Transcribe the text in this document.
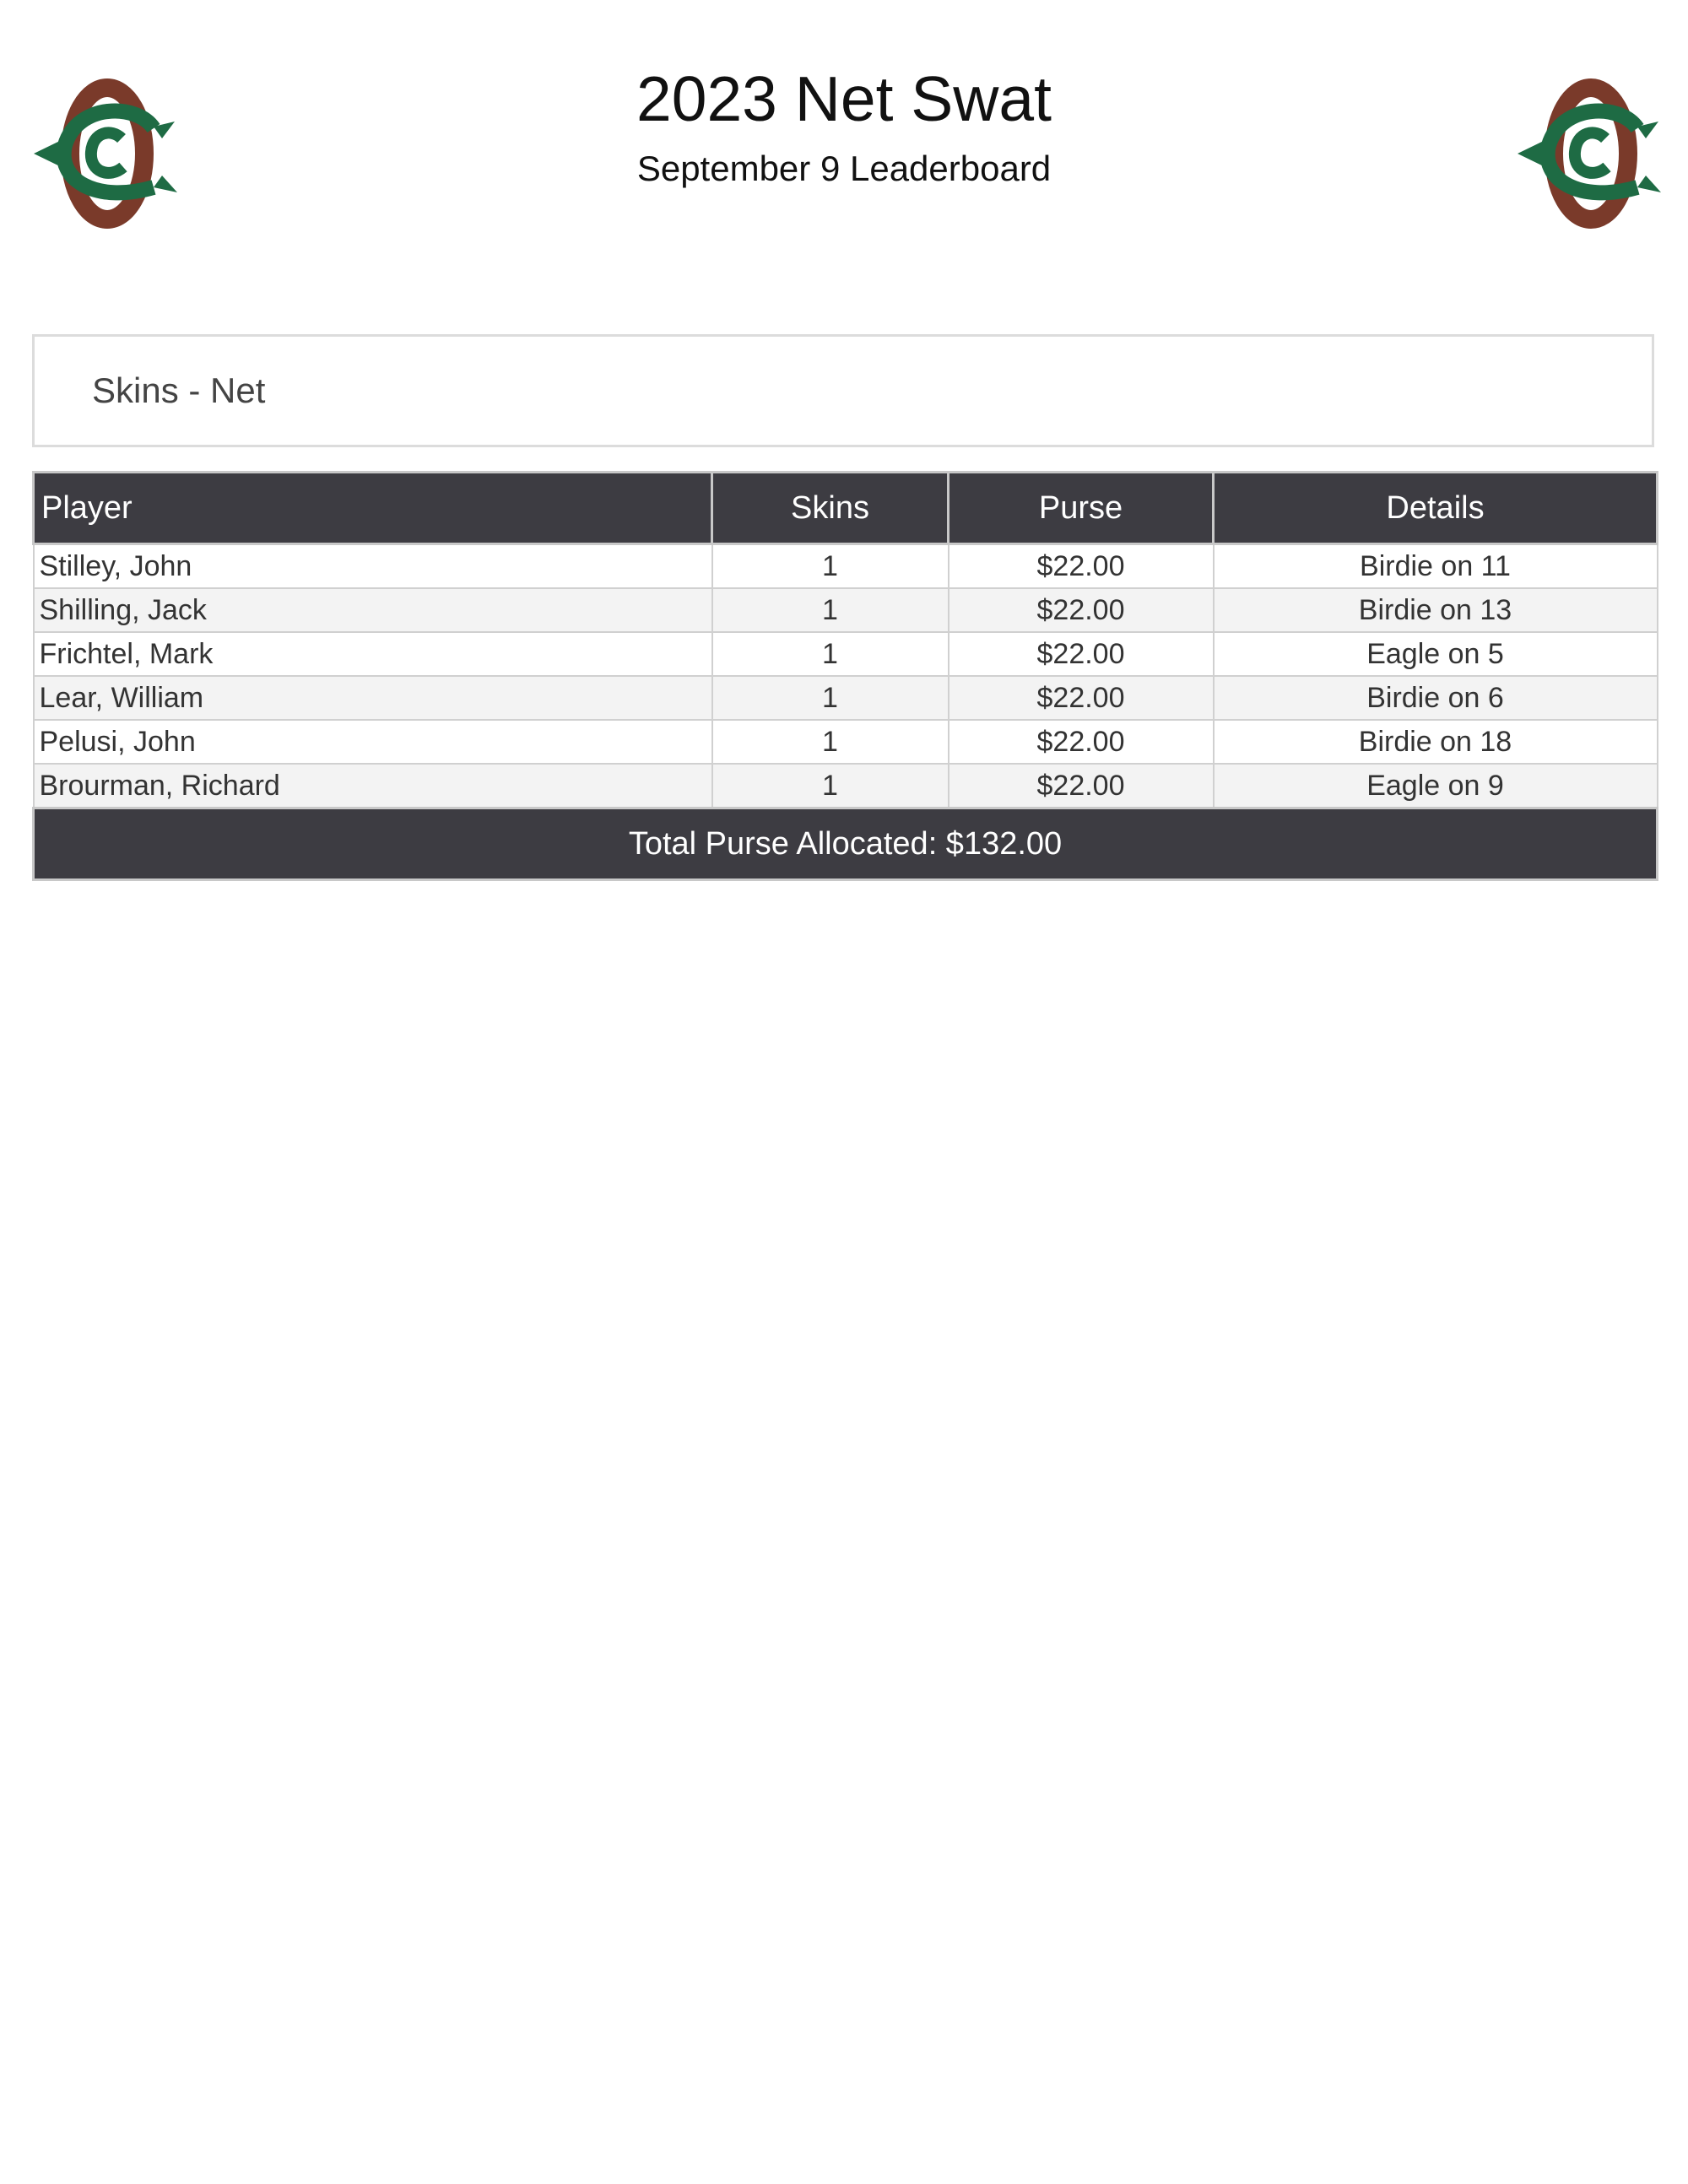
2023 Net Swat
September 9 Leaderboard
Skins - Net
Player	Skins	Purse	Details
Stilley, John	1	$22.00	Birdie on 11
Shilling, Jack	1	$22.00	Birdie on 13
Frichtel, Mark	1	$22.00	Eagle on 5
Lear, William	1	$22.00	Birdie on 6
Pelusi, John	1	$22.00	Birdie on 18
Brourman, Richard	1	$22.00	Eagle on 9
Total Purse Allocated: $132.00			
